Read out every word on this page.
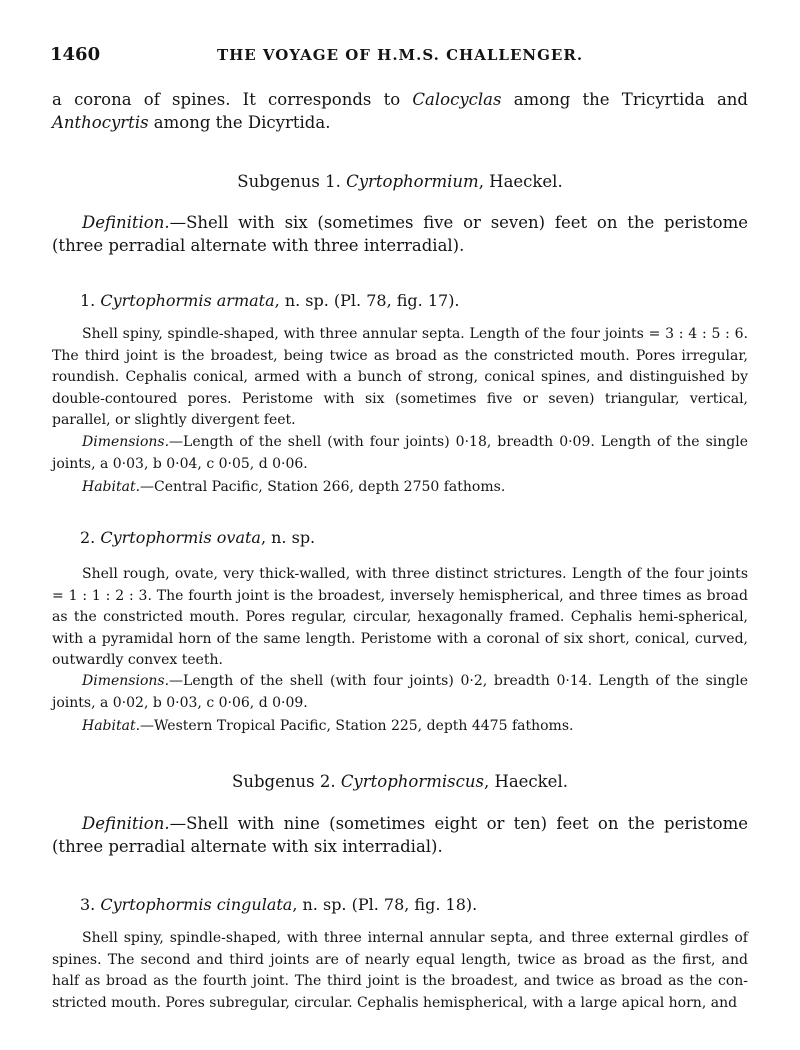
1460	THE VOYAGE OF H.M.S. CHALLENGER.

a corona of spines. It corresponds to Calocyclas among the Tricyrtida and Anthocyrtis among the Dicyrtida.

Subgenus 1. Cyrtophormium, Haeckel.

Definition.—Shell with six (sometimes five or seven) feet on the peristome (three perradial alternate with three interradial).

1. Cyrtophormis armata, n. sp. (Pl. 78, fig. 17).

Shell spiny, spindle-shaped, with three annular septa. Length of the four joints = 3 : 4 : 5 : 6. The third joint is the broadest, being twice as broad as the constricted mouth. Pores irregular, roundish. Cephalis conical, armed with a bunch of strong, conical spines, and distinguished by double-contoured pores. Peristome with six (sometimes five or seven) triangular, vertical, parallel, or slightly divergent feet.

Dimensions.—Length of the shell (with four joints) 0·18, breadth 0·09. Length of the single joints, a 0·03, b 0·04, c 0·05, d 0·06.

Habitat.—Central Pacific, Station 266, depth 2750 fathoms.

2. Cyrtophormis ovata, n. sp.

Shell rough, ovate, very thick-walled, with three distinct strictures. Length of the four joints = 1 : 1 : 2 : 3. The fourth joint is the broadest, inversely hemispherical, and three times as broad as the constricted mouth. Pores regular, circular, hexagonally framed. Cephalis hemi-spherical, with a pyramidal horn of the same length. Peristome with a coronal of six short, conical, curved, outwardly convex teeth.

Dimensions.—Length of the shell (with four joints) 0·2, breadth 0·14. Length of the single joints, a 0·02, b 0·03, c 0·06, d 0·09.

Habitat.—Western Tropical Pacific, Station 225, depth 4475 fathoms.

Subgenus 2. Cyrtophormiscus, Haeckel.

Definition.—Shell with nine (sometimes eight or ten) feet on the peristome (three perradial alternate with six interradial).

3. Cyrtophormis cingulata, n. sp. (Pl. 78, fig. 18).

Shell spiny, spindle-shaped, with three internal annular septa, and three external girdles of spines. The second and third joints are of nearly equal length, twice as broad as the first, and half as broad as the fourth joint. The third joint is the broadest, and twice as broad as the con-stricted mouth. Pores subregular, circular. Cephalis hemispherical, with a large apical horn, and
